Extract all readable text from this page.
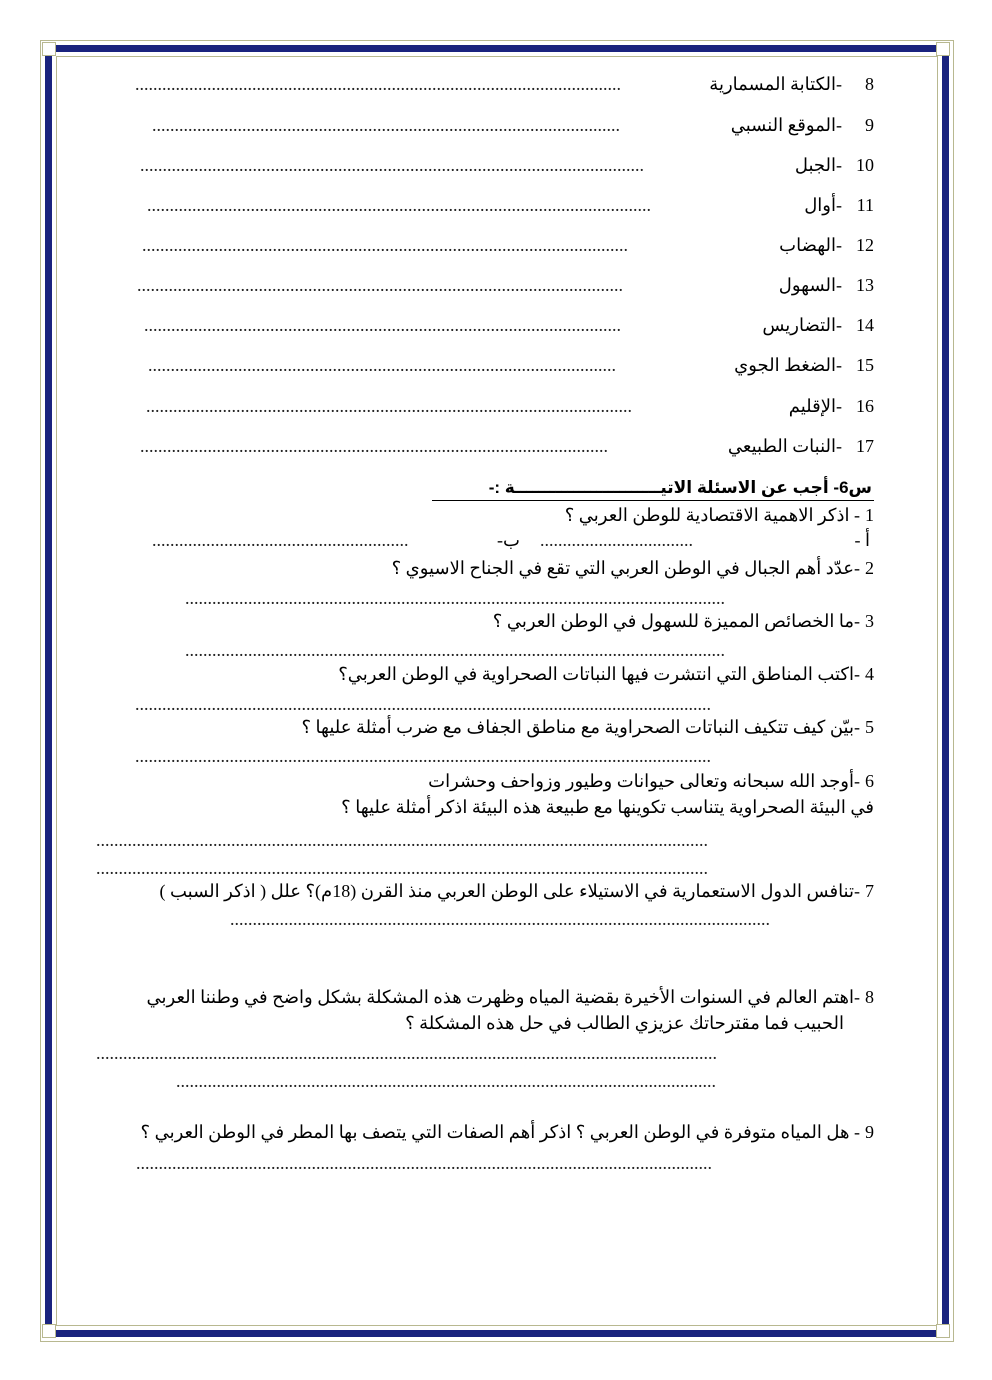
8
-الكتابة المسمارية
............................................................................................................
9
-الموقع النسبي
........................................................................................................
10
-الجبل
................................................................................................................
11
-أوال
................................................................................................................
12
-الهضاب
............................................................................................................
13
-السهول
............................................................................................................
14
-التضاريس
..........................................................................................................
15
-الضغط الجوي
........................................................................................................
16
-الإقليم
............................................................................................................
17
-النبات الطبيعي
........................................................................................................
س6- أجب عن الاسئلة الاتيـــــــــــــــــــــــــة :-
1
- اذكر الاهمية الاقتصادية للوطن العربي ؟
أ -
..................................
ب-
.........................................................
2
-عدّد أهم الجبال في الوطن العربي التي تقع في الجناح الاسيوي ؟
........................................................................................................................
3
-ما الخصائص المميزة للسهول في الوطن العربي ؟
........................................................................................................................
4
-اكتب المناطق التي انتشرت فيها النباتات الصحراوية في الوطن العربي؟
................................................................................................................................
5
-بيّن كيف تتكيف النباتات الصحراوية مع مناطق الجفاف مع ضرب أمثلة عليها ؟
................................................................................................................................
6
-أوجد الله سبحانه وتعالى حيوانات وطيور وزواحف وحشرات
في البيئة الصحراوية يتناسب تكوينها مع طبيعة هذه البيئة اذكر أمثلة عليها ؟
........................................................................................................................................
........................................................................................................................................
7
-تنافس الدول الاستعمارية في الاستيلاء على الوطن العربي منذ القرن (18م)؟ علل ( اذكر السبب )
........................................................................................................................
8
-اهتم العالم في السنوات الأخيرة بقضية المياه وظهرت هذه المشكلة بشكل واضح في وطننا العربي
الحبيب فما مقترحاتك عزيزي الطالب في حل هذه المشكلة ؟
..........................................................................................................................................
........................................................................................................................
9
- هل المياه متوفرة في الوطن العربي ؟ اذكر أهم الصفات التي يتصف بها المطر في الوطن العربي ؟
................................................................................................................................
